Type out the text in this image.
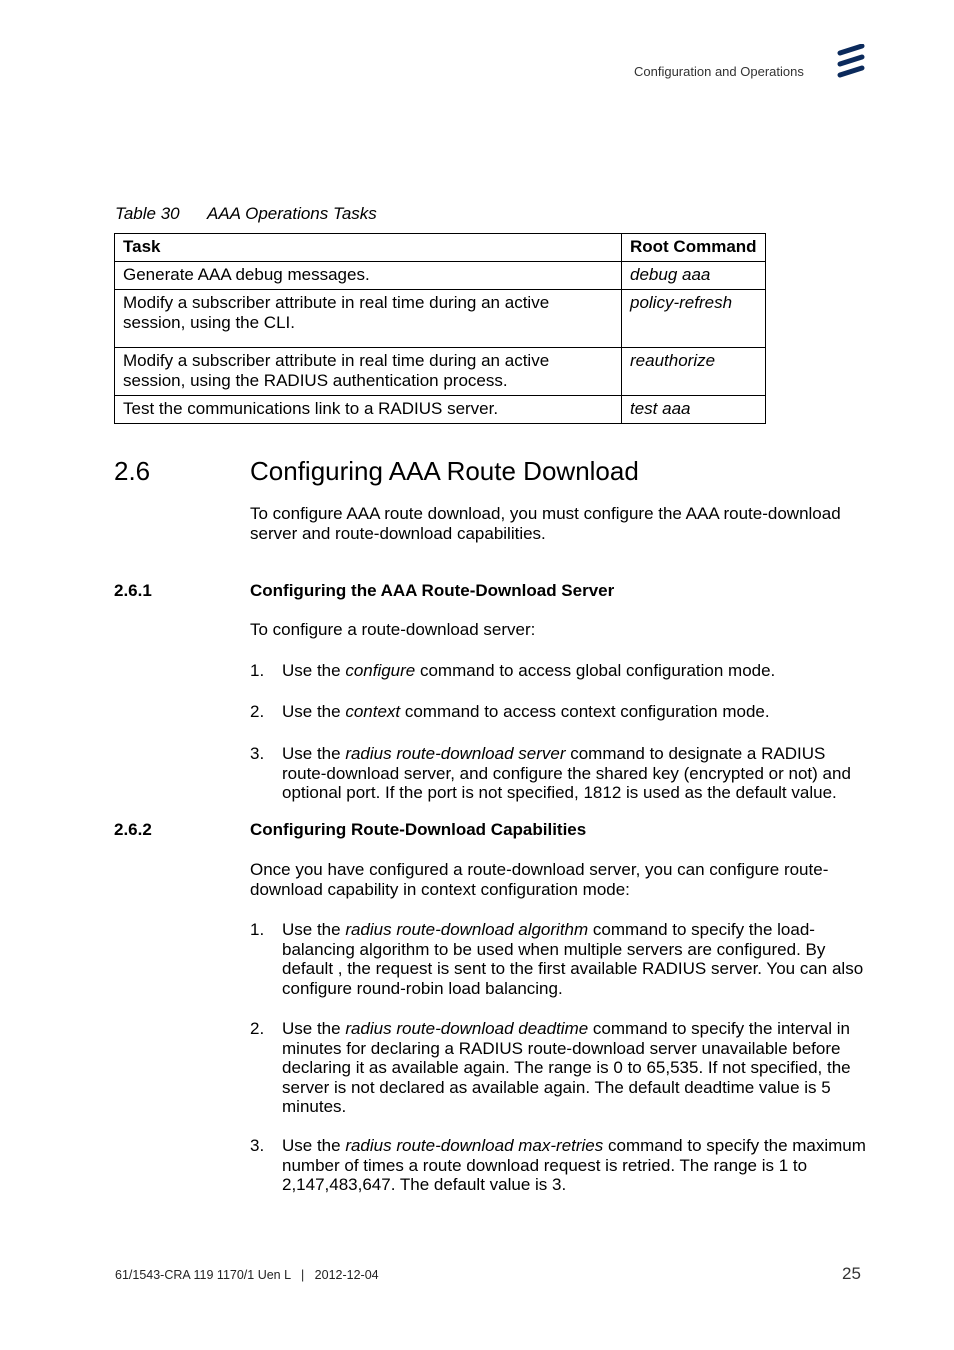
Configuration and Operations
Table 30 AAA Operations Tasks
Task	Root Command
Generate AAA debug messages.	debug aaa
Modify a subscriber attribute in real time during an active session, using the CLI.	policy-refresh
Modify a subscriber attribute in real time during an active session, using the RADIUS authentication process.	reauthorize
Test the communications link to a RADIUS server.	test aaa
2.6	Configuring AAA Route Download
To configure AAA route download, you must configure the AAA route-download server and route-download capabilities.
2.6.1	Configuring the AAA Route-Download Server
To configure a route-download server:
1. Use the configure command to access global configuration mode.
2. Use the context command to access context configuration mode.
3. Use the radius route-download server command to designate a RADIUS route-download server, and configure the shared key (encrypted or not) and optional port. If the port is not specified, 1812 is used as the default value.
2.6.2	Configuring Route-Download Capabilities
Once you have configured a route-download server, you can configure route-download capability in context configuration mode:
1. Use the radius route-download algorithm command to specify the load-balancing algorithm to be used when multiple servers are configured. By default , the request is sent to the first available RADIUS server. You can also configure round-robin load balancing.
2. Use the radius route-download deadtime command to specify the interval in minutes for declaring a RADIUS route-download server unavailable before declaring it as available again. The range is 0 to 65,535. If not specified, the server is not declared as available again. The default deadtime value is 5 minutes.
3. Use the radius route-download max-retries command to specify the maximum number of times a route download request is retried. The range is 1 to 2,147,483,647. The default value is 3.
61/1543-CRA 119 1170/1 Uen L   |   2012-12-04	25
